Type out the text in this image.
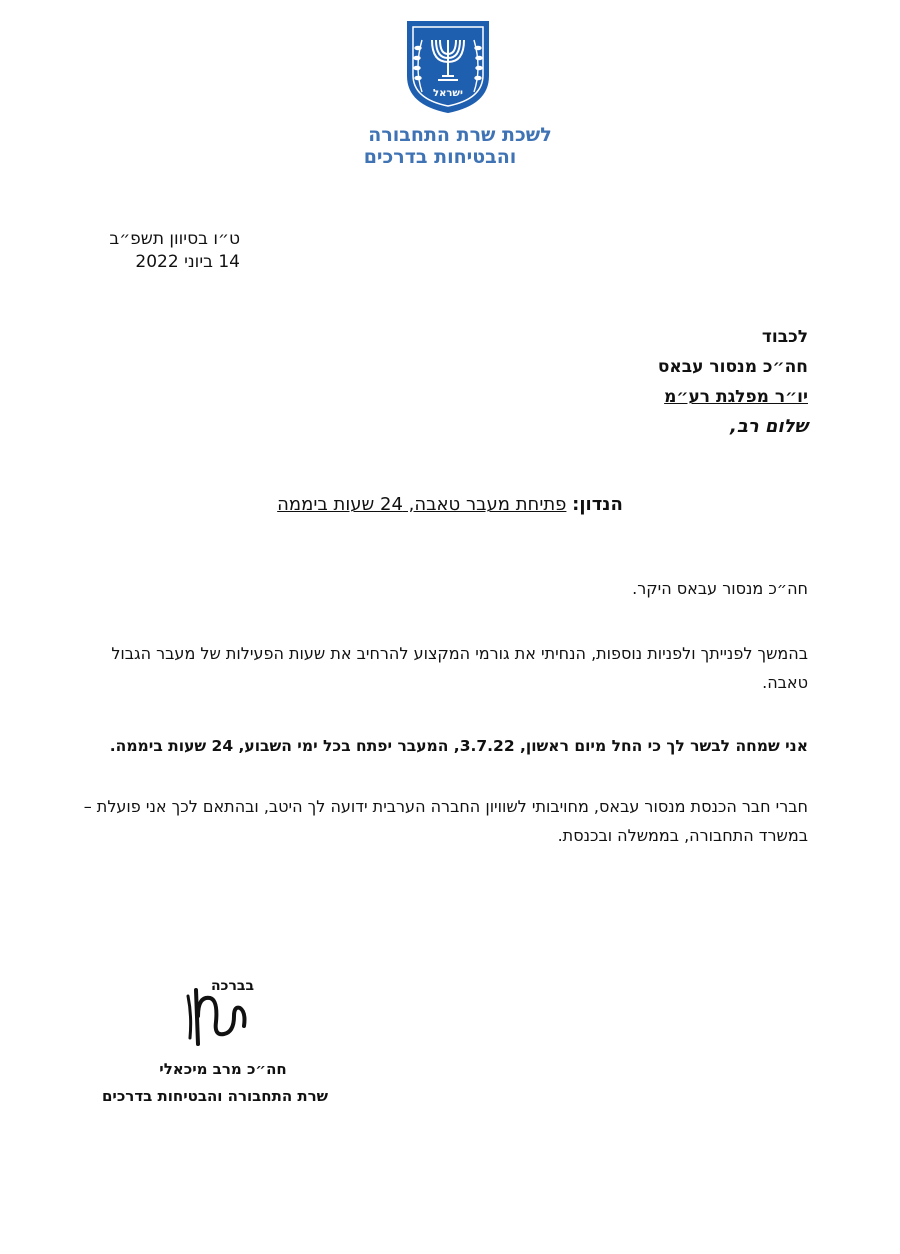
ישראל
לשכת שרת התחבורה
והבטיחות בדרכים
ט״ו בסיוון תשפ״ב
14 ביוני 2022
לכבוד
חה״כ מנסור עבאס
יו״ר מפלגת רע״מ
שלום רב,
הנדון: פתיחת מעבר טאבה, 24 שעות ביממה
חה״כ מנסור עבאס היקר.
בהמשך לפנייתך ולפניות נוספות, הנחיתי את גורמי המקצוע להרחיב את שעות הפעילות של מעבר הגבול טאבה.
אני שמחה לבשר לך כי החל מיום ראשון, 3.7.22, המעבר יפתח בכל ימי השבוע, 24 שעות ביממה.
חברי חבר הכנסת מנסור עבאס, מחויבותי לשוויון החברה הערבית ידועה לך היטב, ובהתאם לכך אני פועלת – במשרד התחבורה, בממשלה ובכנסת.
בברכה
חה״כ מרב מיכאלי
שרת התחבורה והבטיחות בדרכים
